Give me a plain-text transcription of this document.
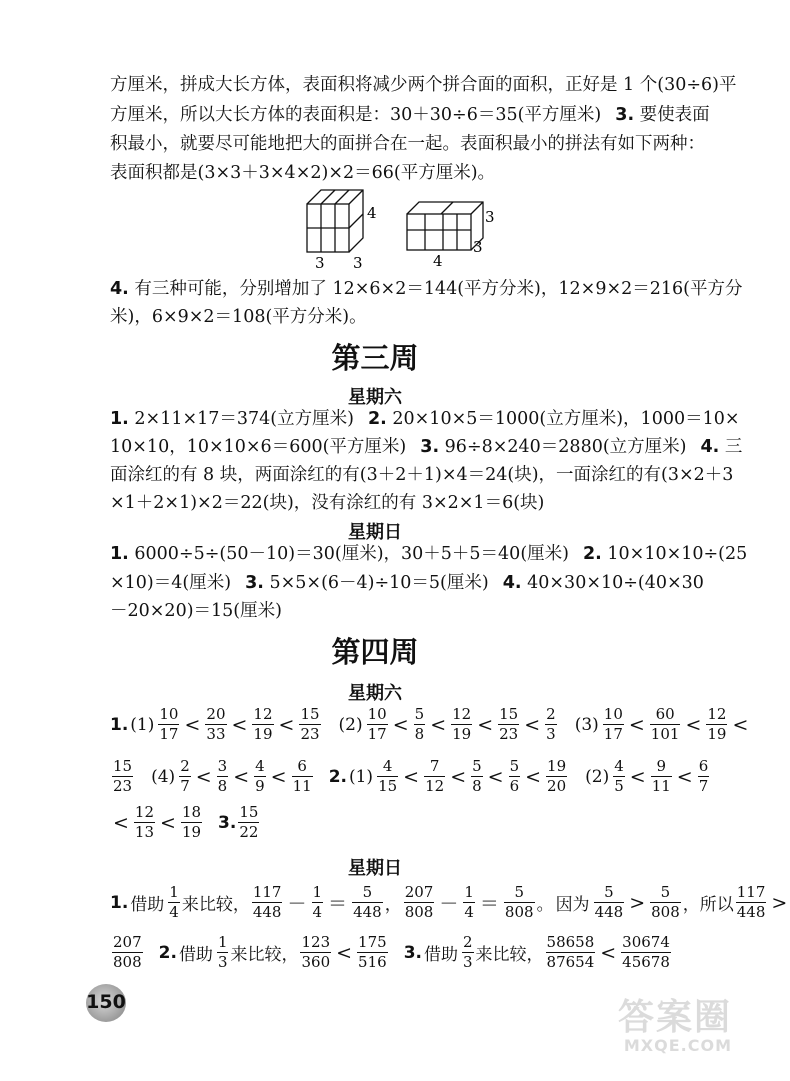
方厘米，拼成大长方体，表面积将减少两个拼合面的面积，正好是 1 个(30÷6)平
方厘米，所以大长方体的表面积是：30＋30÷6＝35(平方厘米) 3. 要使表面
积最小，就要尽可能地把大的面拼合在一起。表面积最小的拼法有如下两种：
表面积都是(3×3＋3×4×2)×2＝66(平方厘米)。
4
3
3
3
4
3
4. 有三种可能，分别增加了 12×6×2＝144(平方分米)，12×9×2＝216(平方分
米)，6×9×2＝108(平方分米)。
第三周
星期六
1. 2×11×17＝374(立方厘米) 2. 20×10×5＝1000(立方厘米)，1000＝10×
10×10，10×10×6＝600(平方厘米) 3. 96÷8×240＝2880(立方厘米) 4. 三
面涂红的有 8 块，两面涂红的有(3＋2＋1)×4＝24(块)，一面涂红的有(3×2＋3
×1＋2×1)×2＝22(块)，没有涂红的有 3×2×1＝6(块)
星期日
1. 6000÷5÷(50－10)＝30(厘米)，30＋5＋5＝40(厘米) 2. 10×10×10÷(25
×10)＝4(厘米) 3. 5×5×(6－4)÷10＝5(厘米) 4. 40×30×10÷(40×30
－20×20)＝15(厘米)
第四周
星期六
1. $(1) \frac{10}{17} < \frac{20}{33} < \frac{12}{19} < \frac{15}{23} (2) \frac{10}{17} < \frac{5}{8} < \frac{12}{19} < \frac{15}{23} < \frac{2}{3} (3) \frac{10}{17} < \frac{60}{101} < \frac{12}{19}$ <
$\frac{15}{23} (4) \frac{2}{7} < \frac{3}{8} < \frac{4}{9} < \frac{6}{11} 2$. $(1) \frac{4}{15} < \frac{7}{12} < \frac{5}{8} < \frac{5}{6} < \frac{19}{20} (2) \frac{4}{5} < \frac{9}{11} < \frac{6}{7}$
< $\frac{12}{13} < \frac{18}{19} 3$. $\frac{15}{22}$
星期日
1. 借助 $\frac{1}{4}$ 来比较， $\frac{117}{448} - \frac{1}{4} = \frac{5}{448}$ ， $\frac{207}{808} - \frac{1}{4} = \frac{5}{808}$ 。 因为 $\frac{5}{448} > \frac{5}{808}$ ，所以 $\frac{117}{448}$ >
$\frac{207}{808} 2$. 借助 $\frac{1}{3}$ 来比较， $\frac{123}{360} < \frac{175}{516} 3$. 借助 $\frac{2}{3}$ 来比较， $\frac{58658}{87654} < \frac{30674}{45678}$
150	答案圈
MXQE.COM
